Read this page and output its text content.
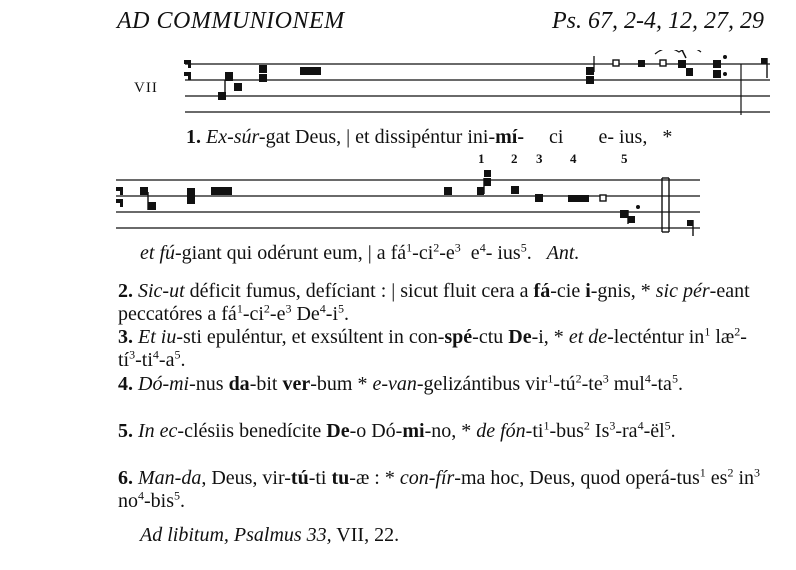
AD COMMUNIONEM	Ps. 67, 2-4, 12, 27, 29
VII
1. Ex-súr-gat Deus, | et dissipéntur ini-mí- ci e- ius, *
1 2 3 4	5
et fú-giant qui odérunt eum, | a $fá^1-ci^2-e^3$ $e^4-$ ius$^5$. Ant.
2. Sic-ut déficit fumus, defíciant : | sicut fluit cera a fá-cie i-gnis, * sic pér-eant peccatóres a $fá^1-ci^2-e^3$ $De^4-i^5$.
3. Et iu-sti epuléntur, et exsúltent in con-spé-ctu De-i, * et de-lecténtur $in^1$ $læ^2-tí^3-ti^4-a^5$.
4. Dó-mi-nus da-bit ver-bum * e-van-gelizántibus $vir^1-tú^2-te^3$ $mul^4-ta^5$.
5. In ec-clésiis benedícite De-o Dó-mi-no, * de fón-$ti^1-bus^2$ $Is^3-ra^4-ël^5$.
6. Man-da, Deus, vir-tú-ti tu-æ : * con-fír-ma hoc, Deus, quod operá-tus$^1$ $es^2$ $in^3$ $no^4-bis^5$.
Ad libitum, Psalmus 33, VII, 22.
